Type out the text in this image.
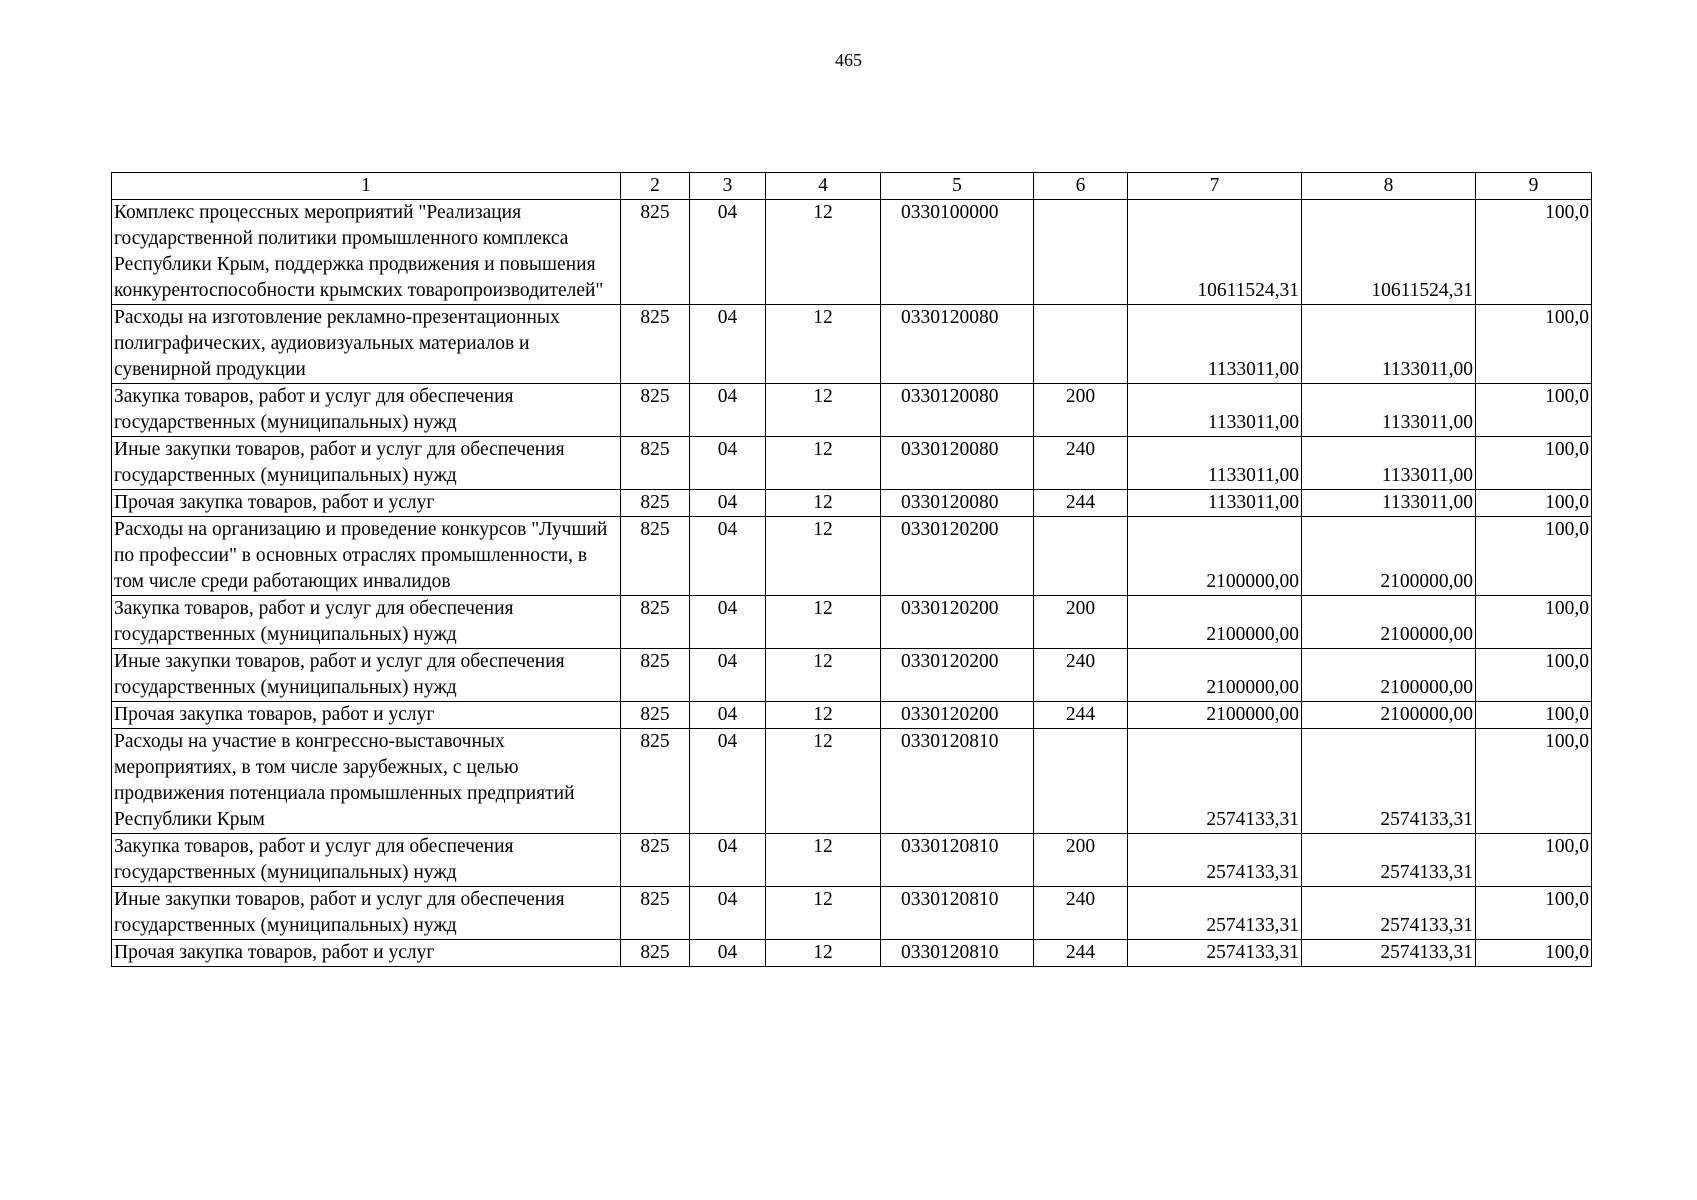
465
1	2	3	4	5	6	7	8	9
Комплекс процессных мероприятий "Реализация государственной политики промышленного комплекса Республики Крым, поддержка продвижения и повышения конкурентоспособности крымских товаропроизводителей"	825	04	12	0330100000		10611524,31	10611524,31	100,0
Расходы на изготовление рекламно-презентационных полиграфических, аудиовизуальных материалов и сувенирной продукции	825	04	12	0330120080		1133011,00	1133011,00	100,0
Закупка товаров, работ и услуг для обеспечения государственных (муниципальных) нужд	825	04	12	0330120080	200	1133011,00	1133011,00	100,0
Иные закупки товаров, работ и услуг для обеспечения государственных (муниципальных) нужд	825	04	12	0330120080	240	1133011,00	1133011,00	100,0
Прочая закупка товаров, работ и услуг	825	04	12	0330120080	244	1133011,00	1133011,00	100,0
Расходы на организацию и проведение конкурсов "Лучший по профессии" в основных отраслях промышленности, в том числе среди работающих инвалидов	825	04	12	0330120200		2100000,00	2100000,00	100,0
Закупка товаров, работ и услуг для обеспечения государственных (муниципальных) нужд	825	04	12	0330120200	200	2100000,00	2100000,00	100,0
Иные закупки товаров, работ и услуг для обеспечения государственных (муниципальных) нужд	825	04	12	0330120200	240	2100000,00	2100000,00	100,0
Прочая закупка товаров, работ и услуг	825	04	12	0330120200	244	2100000,00	2100000,00	100,0
Расходы на участие в конгрессно-выставочных мероприятиях, в том числе зарубежных, с целью продвижения потенциала промышленных предприятий Республики Крым	825	04	12	0330120810		2574133,31	2574133,31	100,0
Закупка товаров, работ и услуг для обеспечения государственных (муниципальных) нужд	825	04	12	0330120810	200	2574133,31	2574133,31	100,0
Иные закупки товаров, работ и услуг для обеспечения государственных (муниципальных) нужд	825	04	12	0330120810	240	2574133,31	2574133,31	100,0
Прочая закупка товаров, работ и услуг	825	04	12	0330120810	244	2574133,31	2574133,31	100,0
